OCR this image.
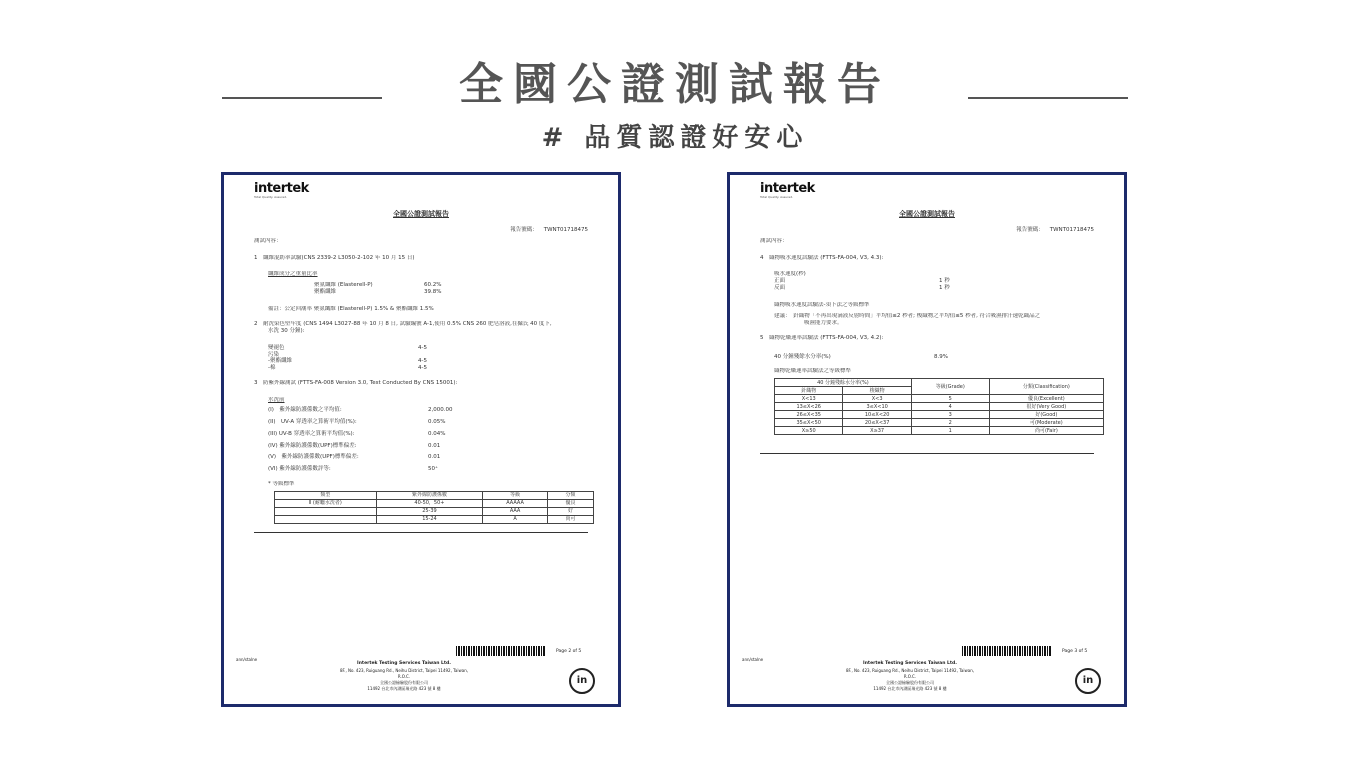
全國公證測試報告
# 品質認證好安心
intertek
Total Quality. Assured.
全國公證測試報告
報告號碼： TWNT01718475
測試內容：
1　纖維混紡率試驗(CNS 2339-2 L3050-2-102 年 10 月 15 日)
纖維成分之重量比率
聚氨纖維 (Elasterell-P)	60.2%
聚酯纖維	39.8%
備註：公定回潮率 聚氨纖維 (Elasterell-P) 1.5% & 聚酯纖維 1.5%
2　耐洗染色堅牢度 (CNS 1494 L3027-88 年 10 月 8 日, 試驗編號 A-1,使用 0.5% CNS 260 肥皂溶液,在攝氏 40 度下,
水洗 30 分鐘):
變褪色	4-5
污染
-聚酯纖維	4-5
-棉	4-5
3　防紫外線測試 (FTTS-FA-008 Version 3.0, Test Conducted By CNS 15001):
水洗前
(I)　紫外線防護係數之平均值:	2,000.00
(II)　UV-A 穿透率之算術平均值(%):	0.05%
(III) UV-B 穿透率之算術平均值(%):	0.04%
(IV) 紫外線防護係數(UPF)標準偏差:	0.01
(V)　紫外線防護係數(UPF)標準偏差:	0.01
(VI) 紫外線防護係數評等:	50⁺
* 等級標準
類型	紫外線防護係數	等級	分類
Ⅱ (耐曬水洗者)	40-50，50+	AAAAA	優良
	25-39	AAA	好
	15-24	A	尚可
Page 2 of 5
ann/stalne
Intertek Testing Services Taiwan Ltd.
8F., No. 423, Ruiguang Rd., Neihu District, Taipei 11492, Taiwan, R.O.C.
全國公證檢驗股份有限公司
11492 台北市內湖區瑞光路 423 號 8 樓
in
intertek
Total Quality. Assured.
全國公證測試報告
報告號碼： TWNT01718475
測試內容：
4　織物吸水速度試驗法 (FTTS-FA-004, V3, 4.3):
吸水速度(秒)
正面	1 秒
反面	1 秒
織物吸水速度試驗法-須下法之等級標準
建議：　針織物「不再出現滴液反射時間」平均值≤2 秒者; 梭織物之平均值≤5 秒者, 符合吸濕排汗速乾織品之
吸濕能力要求。
5　織物乾燥速率試驗法 (FTTS-FA-004, V3, 4.2):
40 分鐘殘餘水分率(%)	8.9%
織物乾燥速率試驗法之等級標準
40 分鐘殘餘水分率(%)		等級(Grade)	分類(Classification)
針織物	梭織物		
X<13	X<3	5	優良(Excellent)
13≤X<26	3≤X<10	4	很好(Very Good)
26≤X<35	10≤X<20	3	好(Good)
35≤X<50	20≤X<37	2	可(Moderate)
X≥50	X≥37	1	尚可(Fair)
Page 3 of 5
ann/stalne
Intertek Testing Services Taiwan Ltd.
8F., No. 423, Ruiguang Rd., Neihu District, Taipei 11492, Taiwan, R.O.C.
全國公證檢驗股份有限公司
11492 台北市內湖區瑞光路 423 號 8 樓
in
